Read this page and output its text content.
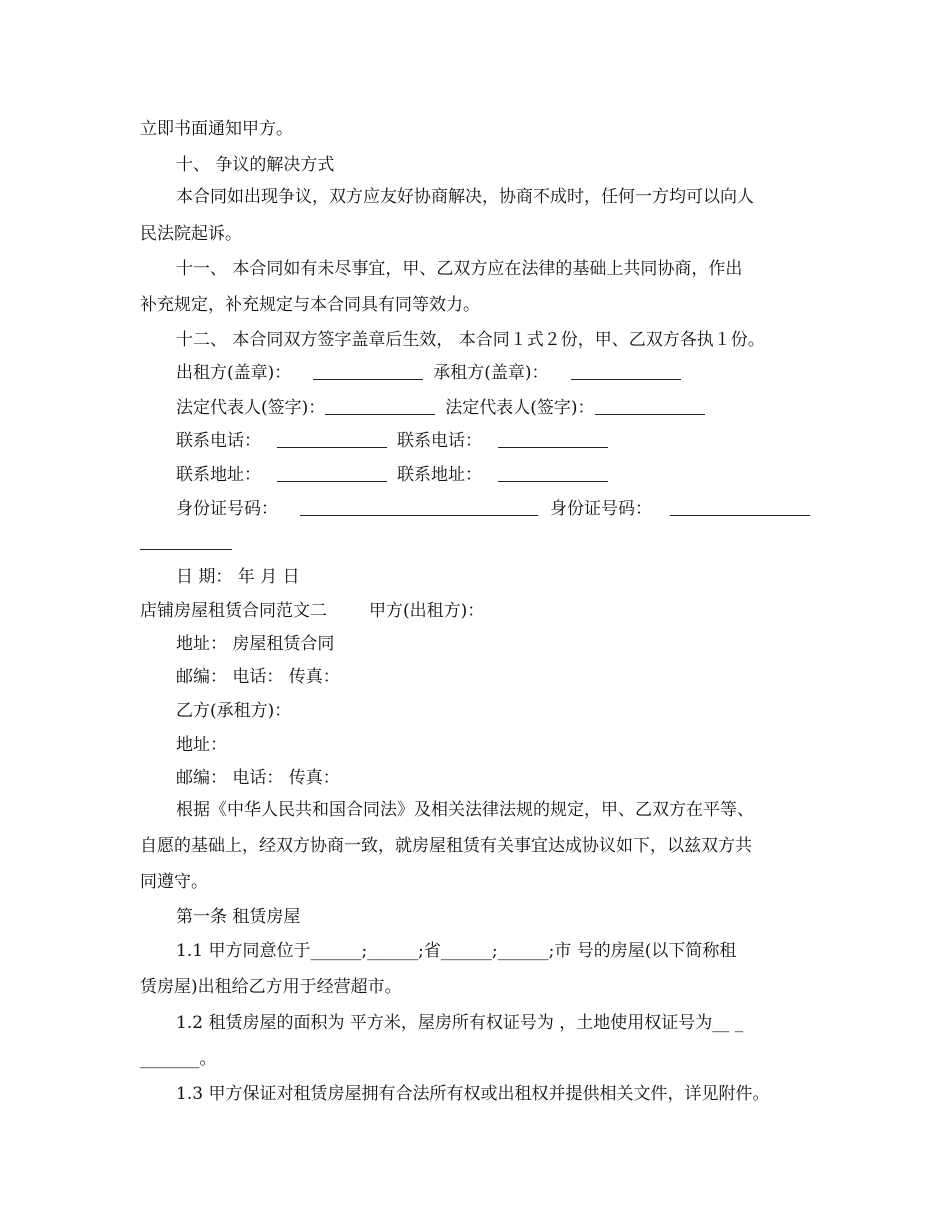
立即书面通知甲方。
十、 争议的解决方式
本合同如出现争议，双方应友好协商解决，协商不成时，任何一方均可以向人
民法院起诉。
十一、 本合同如有未尽事宜，甲、乙双方应在法律的基础上共同协商，作出
补充规定，补充规定与本合同具有同等效力。
十二、 本合同双方签字盖章后生效， 本合同１式２份，甲、乙双方各执１份。
出租方(盖章)：	承租方(盖章)：
法定代表人(签字)：	法定代表人(签字)：
联系电话：	联系电话：
联系地址：	联系地址：
身份证号码：	身份证号码：
日 期： 年 月 日
店铺房屋租赁合同范文二 甲方(出租方)：
地址： 房屋租赁合同
邮编： 电话： 传真：
乙方(承租方)：
地址：
邮编： 电话： 传真：
根据《中华人民共和国合同法》及相关法律法规的规定，甲、乙双方在平等、
自愿的基础上，经双方协商一致，就房屋租赁有关事宜达成协议如下，以兹双方共
同遵守。
第一条 租赁房屋
1.1 甲方同意位于______;______;省______;______;市 号的房屋(以下简称租
赁房屋)出租给乙方用于经营超市。
1.2 租赁房屋的面积为 平方米，屋房所有权证号为 ，土地使用权证号为__ _
_______。
1.3 甲方保证对租赁房屋拥有合法所有权或出租权并提供相关文件，详见附件。
